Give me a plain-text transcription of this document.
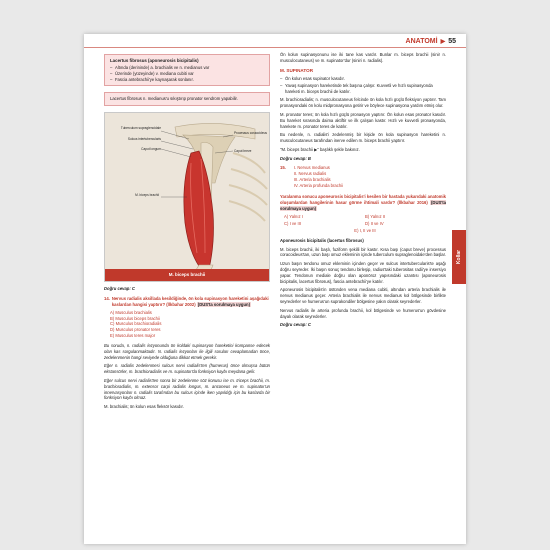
ANATOMİ ▶ 55
Kollar
Lacertus fibrosus (aponeurosis bicipitalis)
– Altında (derininde) a. brachialis ve n. medianus var
– Üzerinde (yüzeyinde) v. mediana cubiti var
– Fascia antebrachii'ye kaynaşarak sonlanır.
Lacertus fibrosus n. medianus'u sıkıştırıp pronator sendrom yapabilir.
Tuberculum supraglenoidale
Sulcus intertubercularis
Caput longum
Processus coracoideus
Caput breve
M. biceps brachii
M. biceps brachii
Doğru cevap: C
14. Nervus radialis aksillada kesildiğinde, ön kola supinasyon hareketini aşağıdaki kaslardan hangisi yaptırır? (İlkbahar 2002) (DUS'ta sorulmaya uygun)
A) Musculus brachialis
B) Musculus biceps brachii
C) Musculus brachioradialis
D) Musculus pronator teres
E) Musculus teres major
Bu soruda, n. radialis lezyonunda ön koldaki supinasyon hareketini kompanse edecek olan kas sorgulanmaktadır. N. radialis lezyonları ile ilgili soruları cevaplamadan önce, zedelenmenin hangi seviyede olduğuna dikkat etmek gerekir.
Eğer n. radialis zedelenmesi sulcus nervi radialis'ten (humerus) önce olmuşsa bütün ekstansörler, m. brachioradialis ve m. supinator'da fonksiyon kaybı meydana gelir.
Eğer sulcus nervi radialis'ten sonra bir zedelenme söz konusu ise m. triceps brachii, m. brachioradialis, m. extensor carpi radialis longus, m. anconeus ve m. supinator'un innervasyonları n. radialis tarafından bu sulcus içinde iken yapıldığı için bu kaslarda bir fonksiyon kaybı olmaz.
M. brachialis; ön kolun esas fleksör kasıdır.
Ön kolun supinasyonunu ise iki tane kas vardır. Bunlar m. biceps brachii (sinir n. musculocutaneus) ve m. supinator'dur (siniri n. radialis).
M. SUPINATOR
– Ön kolun esas supinator kasıdır.
– Yavaş supinasyon hareketinde tek başına çalışır. Kuvvetli ve hızlı supinasyonda hareketi m. biceps brachii de katılır.
M. brachioradialis; n. musculocutaneus felcinde ön kola hızlı güçlü fleksiyon yaptırır. Tam pronasyondaki ön kolu midpronasyona getirir ve böylece supinasyona yardım etmiş olur.
M. pronator teres; ön kola hızlı güçlü pronasyon yaptırır. Ön kolun esas pronator kasıdır. Bu hareket sırasında daima aktiftir ve ilk çalışan kastır. Hızlı ve kuvvetli pronasyonda, harekete m. pronator teres de katılır.
Bu nedenle, n. radialis'i zedelenmiş bir kişide ön kola supinasyon hareketini n. musculocutaneus tarafından inerve edilen m. biceps brachii yaptırır.
"M. biceps brachii ▶" başlıklı şekle bakınız.
Doğru cevap: B
15. I. Nervus medianus
II. Nervus radialis
III. Arteria brachialis
IV. Arteria profunda brachii
Yaralanma sonucu aponeurosis bicipitalis'i kesilen bir hastada yukarıdaki anatomik oluşumlardan hangilerinin hasar görme ihtimali vardır? (İlkbahar 2016) (DUS'ta sorulmaya uygun)
A) Yalnız I	B) Yalnız II
C) I ve III	D) II ve IV
E) I, II ve III
Aponeurosis bicipitalis (lacertus fibrosus)
M. biceps brachii, iki başlı, fuziform şekilli bir kastır. Kısa başı (caput breve) processus coracoideus'tan, uzun başı omuz ekleminin içinde tuberculum supraglenoidale'den başlar.
Uzun başın tendonu omuz ekleminin içinden geçer ve sulcus intertubercularis'te aşağı doğru seyreder. İki başın sonuç tendonu birleşip, radius'taki tuberositas radii'ye insersiyo yapar. Tendonun mediale doğru olan aponöroz yapısındaki uzantısı (aponeurosis bicipitalis, lacertus fibrosus), fascia antebrachii'ye katılır.
Aponeurosis bicipitalis'in üstünden vena mediana cubiti, altından arteria brachialis ile nervus medianus geçer. Arteria brachialis ile nervus medianus kol bölgesinde birlikte seyrederler ve humerus'un suprakondiler bölgesine yakın olarak seyrederler.
Nervus radialis ile arteria profunda brachii, kol bölgesinde ve humerus'un gövdesine dayalı olarak seyrederler.
Doğru cevap: C
